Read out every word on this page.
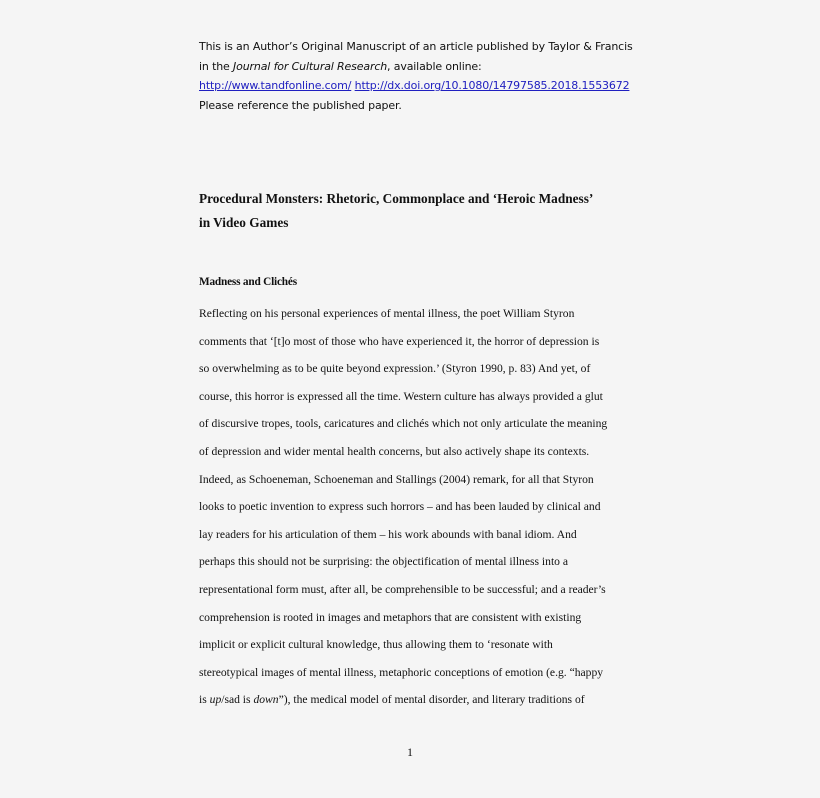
This is an Author’s Original Manuscript of an article published by Taylor & Francis
in the Journal for Cultural Research, available online:
http://www.tandfonline.com/ http://dx.doi.org/10.1080/14797585.2018.1553672
Please reference the published paper.
Procedural Monsters: Rhetoric, Commonplace and ‘Heroic Madness’
in Video Games
Madness and Clichés
Reflecting on his personal experiences of mental illness, the poet William Styron
comments that ‘[t]o most of those who have experienced it, the horror of depression is
so overwhelming as to be quite beyond expression.’ (Styron 1990, p. 83) And yet, of
course, this horror is expressed all the time. Western culture has always provided a glut
of discursive tropes, tools, caricatures and clichés which not only articulate the meaning
of depression and wider mental health concerns, but also actively shape its contexts.
Indeed, as Schoeneman, Schoeneman and Stallings (2004) remark, for all that Styron
looks to poetic invention to express such horrors – and has been lauded by clinical and
lay readers for his articulation of them – his work abounds with banal idiom. And
perhaps this should not be surprising: the objectification of mental illness into a
representational form must, after all, be comprehensible to be successful; and a reader’s
comprehension is rooted in images and metaphors that are consistent with existing
implicit or explicit cultural knowledge, thus allowing them to ‘resonate with
stereotypical images of mental illness, metaphoric conceptions of emotion (e.g. “happy
is up/sad is down”), the medical model of mental disorder, and literary traditions of
1
